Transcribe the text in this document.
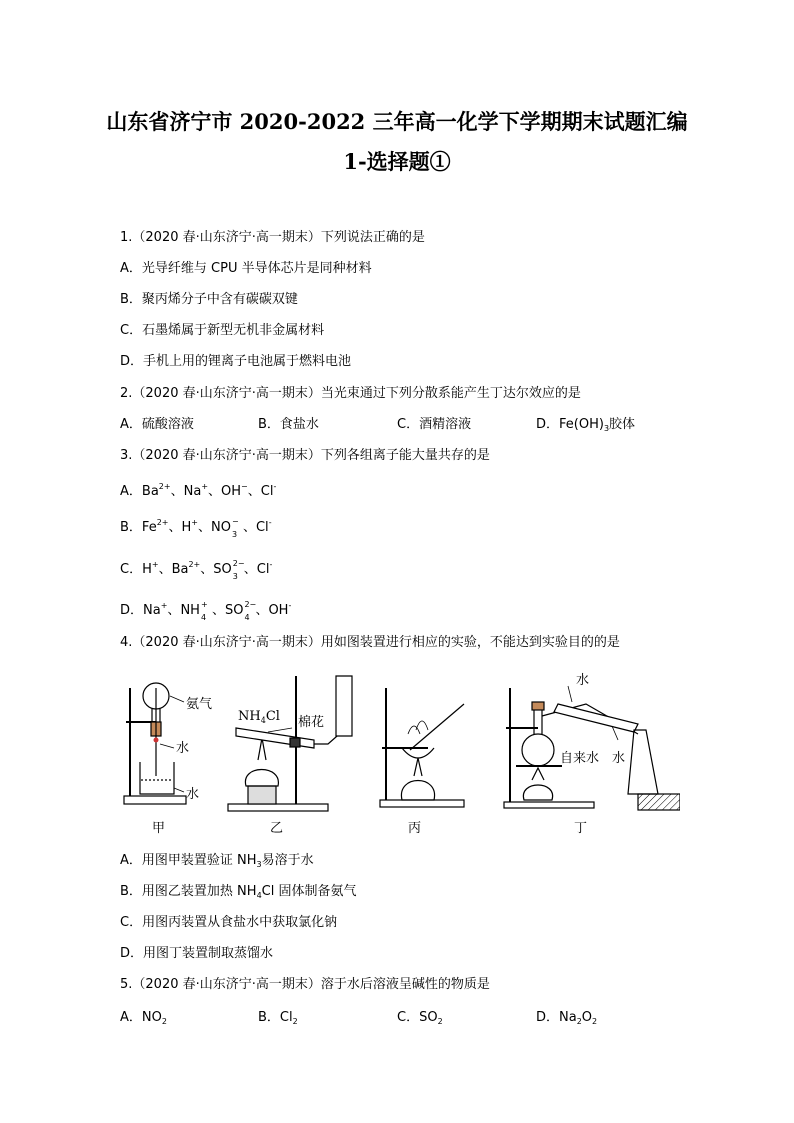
山东省济宁市 2020-2022 三年高一化学下学期期末试题汇编
1-选择题①
1.（2020 春·山东济宁·高一期末）下列说法正确的是
A．光导纤维与 CPU 半导体芯片是同种材料
B．聚丙烯分子中含有碳碳双键
C．石墨烯属于新型无机非金属材料
D．手机上用的锂离子电池属于燃料电池
2.（2020 春·山东济宁·高一期末）当光束通过下列分散系能产生丁达尔效应的是
A．硫酸溶液	B．食盐水	C．酒精溶液	D．$Fe(OH)_3$胶体
3.（2020 春·山东济宁·高一期末）下列各组离子能大量共存的是
A．$Ba^{2+}$、Na+、OH−、Cl-
B．$Fe^{2+}$、H+、NO −
3 、Cl-
C．H+、$Ba^{2+}$、SO 2−
3 、Cl-
D．Na+、NH +
4 、SO 2−
4 、OH-
4.（2020 春·山东济宁·高一期末）用如图装置进行相应的实验，不能达到实验目的的是
氨气
水
水
$NH_4Cl$ 棉花
水
自来水 水
甲	乙	丙	丁
A．用图甲装置验证 $NH_3$易溶于水
B．用图乙装置加热 $NH_4Cl$ 固体制备氨气
C．用图丙装置从食盐水中获取氯化钠
D．用图丁装置制取蒸馏水
5.（2020 春·山东济宁·高一期末）溶于水后溶液呈碱性的物质是
A．$NO_2$	B．$Cl_2$	C．$SO_2$	D．$Na_2O_2$
